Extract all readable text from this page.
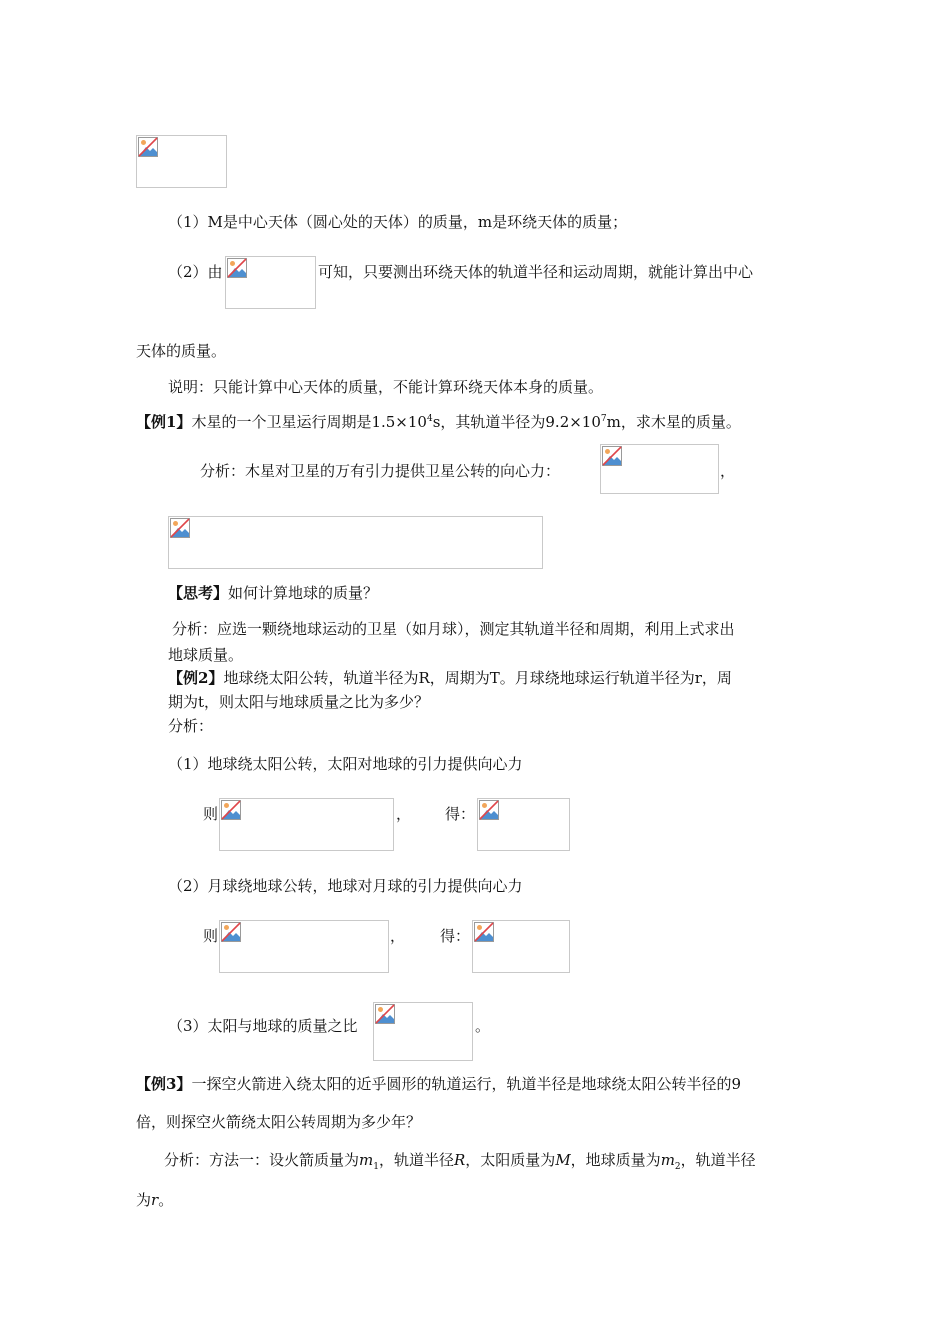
（1）M是中心天体（圆心处的天体）的质量，m是环绕天体的质量；
（2）由	可知，只要测出环绕天体的轨道半径和运动周期，就能计算出中心
天体的质量。
说明：只能计算中心天体的质量，不能计算环绕天体本身的质量。
【例1】木星的一个卫星运行周期是$1.5\times 10^4s$，其轨道半径为$9.2\times 10^7m$，求木星的质量。
分析：木星对卫星的万有引力提供卫星公转的向心力：	，
【思考】如何计算地球的质量？
分析：应选一颗绕地球运动的卫星（如月球），测定其轨道半径和周期，利用上式求出
地球质量。
【例2】地球绕太阳公转，轨道半径为R，周期为T。月球绕地球运行轨道半径为r，周
期为t，则太阳与地球质量之比为多少？
分析：
（1）地球绕太阳公转，太阳对地球的引力提供向心力
则	， 得：
（2）月球绕地球公转，地球对月球的引力提供向心力
则	， 得：
（3）太阳与地球的质量之比	。
【例3】一探空火箭进入绕太阳的近乎圆形的轨道运行，轨道半径是地球绕太阳公转半径的9
倍，则探空火箭绕太阳公转周期为多少年？
分析：方法一：设火箭质量为$m_1$，轨道半径R，太阳质量为M，地球质量为$m_2$，轨道半径
为r。
